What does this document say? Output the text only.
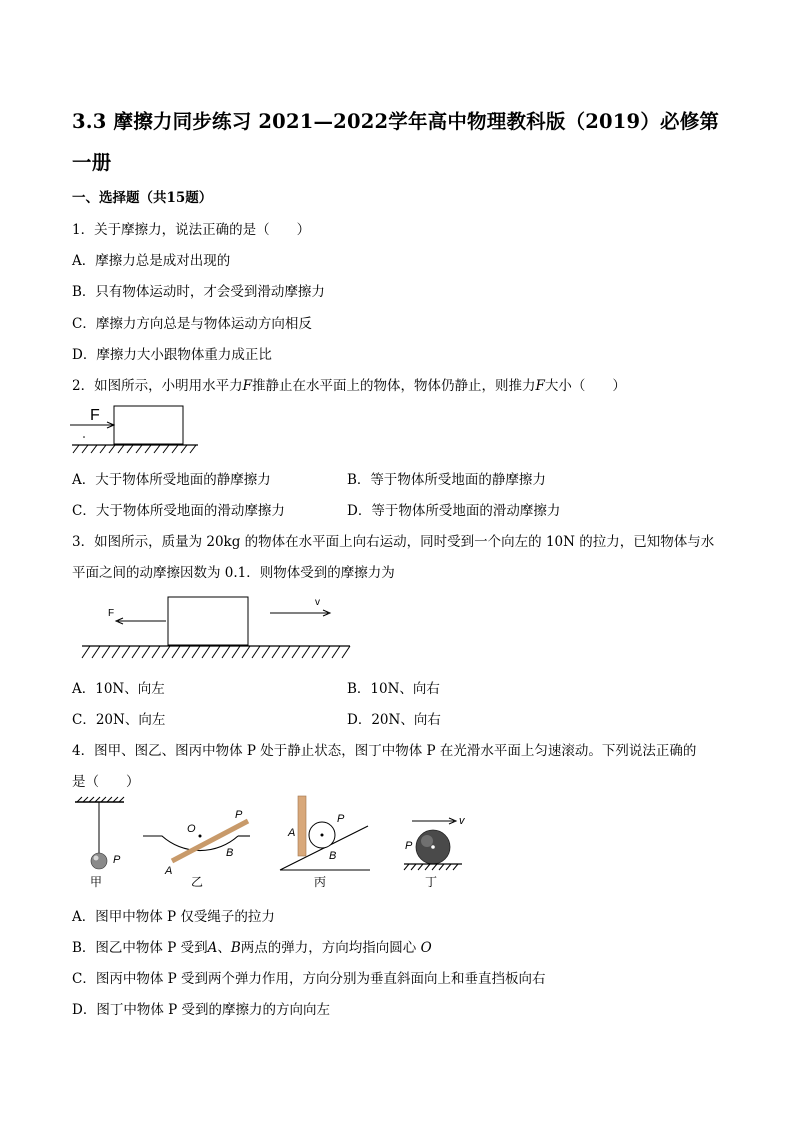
3.3 摩擦力同步练习 2021—2022学年高中物理教科版（2019）必修第
一册
一、选择题（共15题）
1．关于摩擦力，说法正确的是（　　）
A．摩擦力总是成对出现的
B．只有物体运动时，才会受到滑动摩擦力
C．摩擦力方向总是与物体运动方向相反
D．摩擦力大小跟物体重力成正比
2．如图所示，小明用水平力F推静止在水平面上的物体，物体仍静止，则推力F大小（　　）
F
A．大于物体所受地面的静摩擦力	B．等于物体所受地面的静摩擦力
C．大于物体所受地面的滑动摩擦力	D．等于物体所受地面的滑动摩擦力
3．如图所示，质量为 20kg 的物体在水平面上向右运动，同时受到一个向左的 10N 的拉力，已知物体与水
平面之间的动摩擦因数为 0.1．则物体受到的摩擦力为
F
v
A．10N、向左	B．10N、向右
C．20N、向左	D．20N、向右
4．图甲、图乙、图丙中物体 P 处于静止状态，图丁中物体 P 在光滑水平面上匀速滚动。下列说法正确的
是（　　）
P
甲
O
P
A
B
乙
A
P
B
丙
v
P
丁
A．图甲中物体 P 仅受绳子的拉力
B．图乙中物体 P 受到A、B两点的弹力，方向均指向圆心 O
C．图丙中物体 P 受到两个弹力作用，方向分别为垂直斜面向上和垂直挡板向右
D．图丁中物体 P 受到的摩擦力的方向向左
